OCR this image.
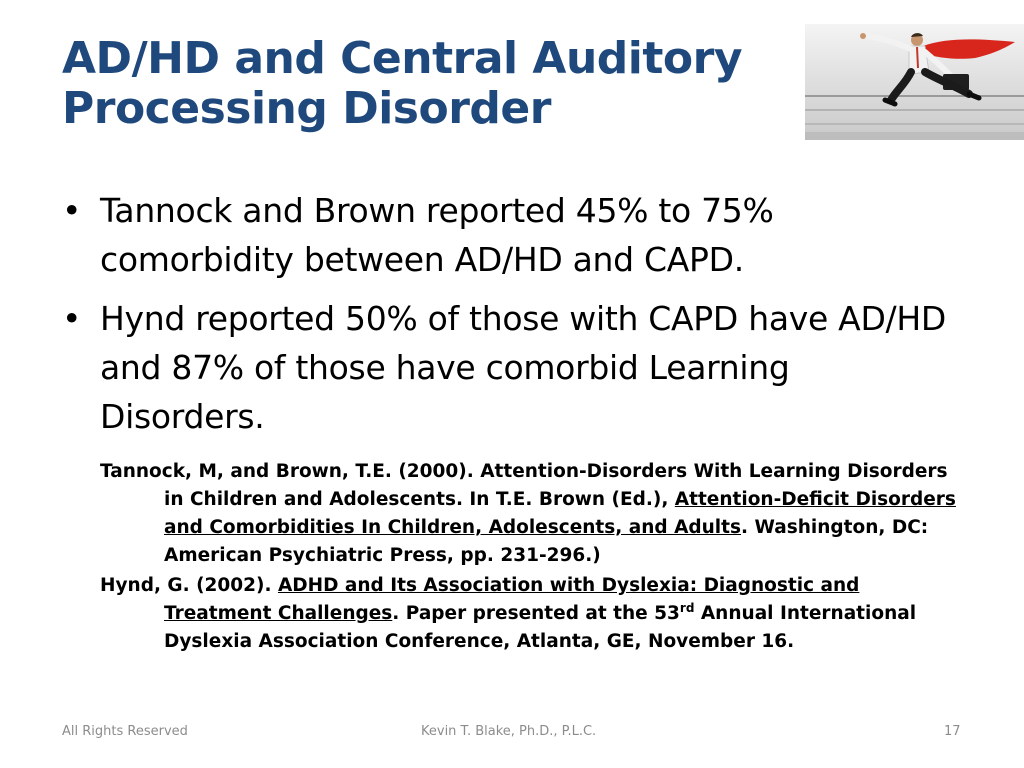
AD/HD and Central Auditory
Processing Disorder
• Tannock and Brown reported 45% to 75% comorbidity between AD/HD and CAPD.
• Hynd reported 50% of those with CAPD have AD/HD and 87% of those have comorbid Learning Disorders.

Tannock, M, and Brown, T.E. (2000). Attention-Disorders With Learning Disorders in Children and Adolescents. In T.E. Brown (Ed.), Attention-Deficit Disorders and Comorbidities In Children, Adolescents, and Adults. Washington, DC: American Psychiatric Press, pp. 231-296.)

Hynd, G. (2002). ADHD and Its Association with Dyslexia: Diagnostic and Treatment Challenges. Paper presented at the 53rd Annual International Dyslexia Association Conference, Atlanta, GE, November 16.

All Rights Reserved	Kevin T. Blake, Ph.D., P.L.C.	17
